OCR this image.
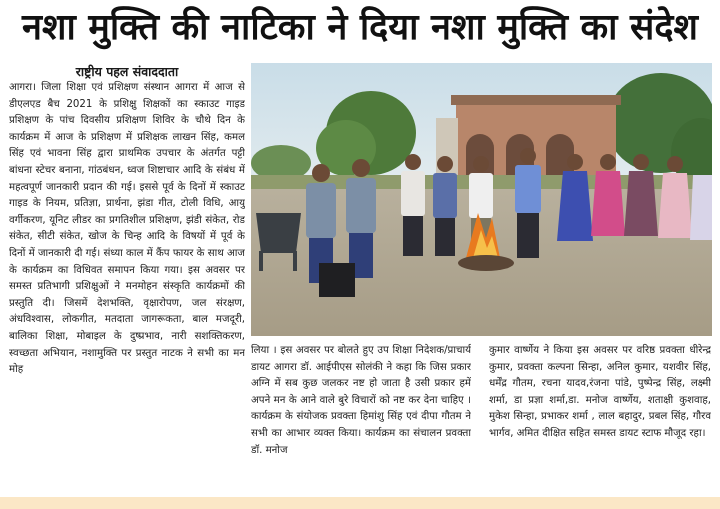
नशा मुक्ति की नाटिका ने दिया नशा मुक्ति का संदेश
राष्ट्रीय पहल संवाददाता
आगरा। जिला शिक्षा एवं प्रशिक्षण संस्थान आगरा में आज से डीएलएड बैच 2021 के प्रशिक्षु शिक्षकों का स्काउट गाइड प्रशिक्षण के पांच दिवसीय प्रशिक्षण शिविर के चौथे दिन के कार्यक्रम में आज के प्रशिक्षण में प्रशिक्षक लाखन सिंह, कमल सिंह एवं भावना सिंह द्वारा प्राथमिक उपचार के अंतर्गत पट्टी बांधना स्टेचर बनाना, गांठबंधन, ध्वज शिष्टाचार आदि के संबंध में महत्वपूर्ण जानकारी प्रदान की गई। इससे पूर्व के दिनों में स्काउट गाइड के नियम, प्रतिज्ञा, प्रार्थना, झंडा गीत, टोली विधि, आयु वर्गीकरण, यूनिट लीडर का प्रगतिशील प्रशिक्षण, झंडी संकेत, रोड संकेत, सीटी संकेत, खोज के चिन्ह आदि के विषयों में पूर्व के दिनों में जानकारी दी गई। संध्या काल में कैंप फायर के साथ आज के कार्यक्रम का विधिवत समापन किया गया। इस अवसर पर समस्त प्रतिभागी प्रशिक्षुओं ने मनमोहन संस्कृति कार्यक्रमों की प्रस्तुति दी। जिसमें देशभक्ति, वृक्षारोपण, जल संरक्षण, अंधविश्वास, लोकगीत, मतदाता जागरूकता, बाल मजदूरी, बालिका शिक्षा, मोबाइल के दुष्प्रभाव, नारी सशक्तिकरण, स्वच्छता अभियान, नशामुक्ति पर प्रस्तुत नाटक ने सभी का मन मोह
लिया । इस अवसर पर बोलते हुए उप शिक्षा निदेशक/प्राचार्य डायट आगरा डॉ. आईपीएस सोलंकी ने कहा कि जिस प्रकार अग्नि में सब कुछ जलकर नष्ट हो जाता है उसी प्रकार हमें अपने मन के आने वाले बुरे विचारों को नष्ट कर देना चाहिए । कार्यक्रम के संयोजक प्रवक्ता हिमांशु सिंह एवं दीपा गौतम ने सभी का आभार व्यक्त किया। कार्यक्रम का संचालन प्रवक्ता डॉ. मनोज
कुमार वार्ष्णेय ने किया इस अवसर पर वरिष्ठ प्रवक्ता धीरेन्द्र कुमार, प्रवक्ता कल्पना सिन्हा, अनिल कुमार, यशवीर सिंह, धर्मेंद्र गौतम, रचना यादव,रंजना पांडे, पुष्पेन्द्र सिंह, लक्ष्मी शर्मा, डा प्रज्ञा शर्मा,डा. मनोज वार्ष्णेय, शताक्षी कुशवाह, मुकेश सिन्हा, प्रभाकर शर्मा , लाल बहादुर, प्रबल सिंह, गौरव भार्गव, अमित दीक्षित सहित समस्त डायट स्टाफ मौजूद रहा।
